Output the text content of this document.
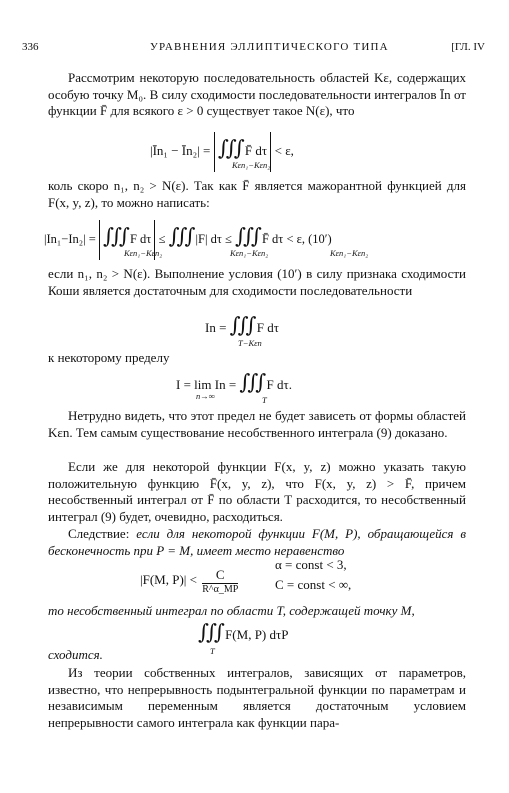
336	УРАВНЕНИЯ ЭЛЛИПТИЧЕСКОГО ТИПА	[ГЛ. IV
Рассмотрим некоторую последовательность областей Kε, содержащих особую точку M₀. В силу сходимости последовательности интегралов Īn от функции F̄ для всякого ε > 0 существует такое N(ε), что
|Īn₁ − Īn₂| = ∫∫∫ F̄ dτ < ε,
Kεn₁−Kεn₂
коль скоро n₁, n₂ > N(ε). Так как F̄ является мажорантной функцией для F(x, y, z), то можно написать:
|In₁−In₂| = ∫∫∫ F dτ ≤ ∫∫∫ |F| dτ ≤ ∫∫∫ F̄ dτ < ε, (10′)
Kεn₁−Kεn₂	Kεn₁−Kεn₂	Kεn₁−Kεn₂
если n₁, n₂ > N(ε). Выполнение условия (10′) в силу признака сходимости Коши является достаточным для сходимости последовательности
In = ∫∫∫ F dτ
T−Kεn
к некоторому пределу
I = lim In = ∫∫∫ F dτ.
n→∞	T
Нетрудно видеть, что этот предел не будет зависеть от формы областей Kεn. Тем самым существование несобственного интеграла (9) доказано.
Если же для некоторой функции F(x, y, z) можно указать такую положительную функцию F̄(x, y, z), что F(x, y, z) > F̄, причем несобственный интеграл от F̄ по области T расходится, то несобственный интеграл (9) будет, очевидно, расходиться.
Следствие: если для некоторой функции F(M, P), обращающейся в бесконечность при P = M, имеет место неравенство
|F(M, P)| <	C
R^α_MP
α = const < 3,
C = const < ∞,
то несобственный интеграл по области T, содержащей точку M,
∫∫∫ F(M, P) dτP
T
сходится.
Из теории собственных интегралов, зависящих от параметров, известно, что непрерывность подынтегральной функции по параметрам и независимым переменным является достаточным условием непрерывности самого интеграла как функции пара-
